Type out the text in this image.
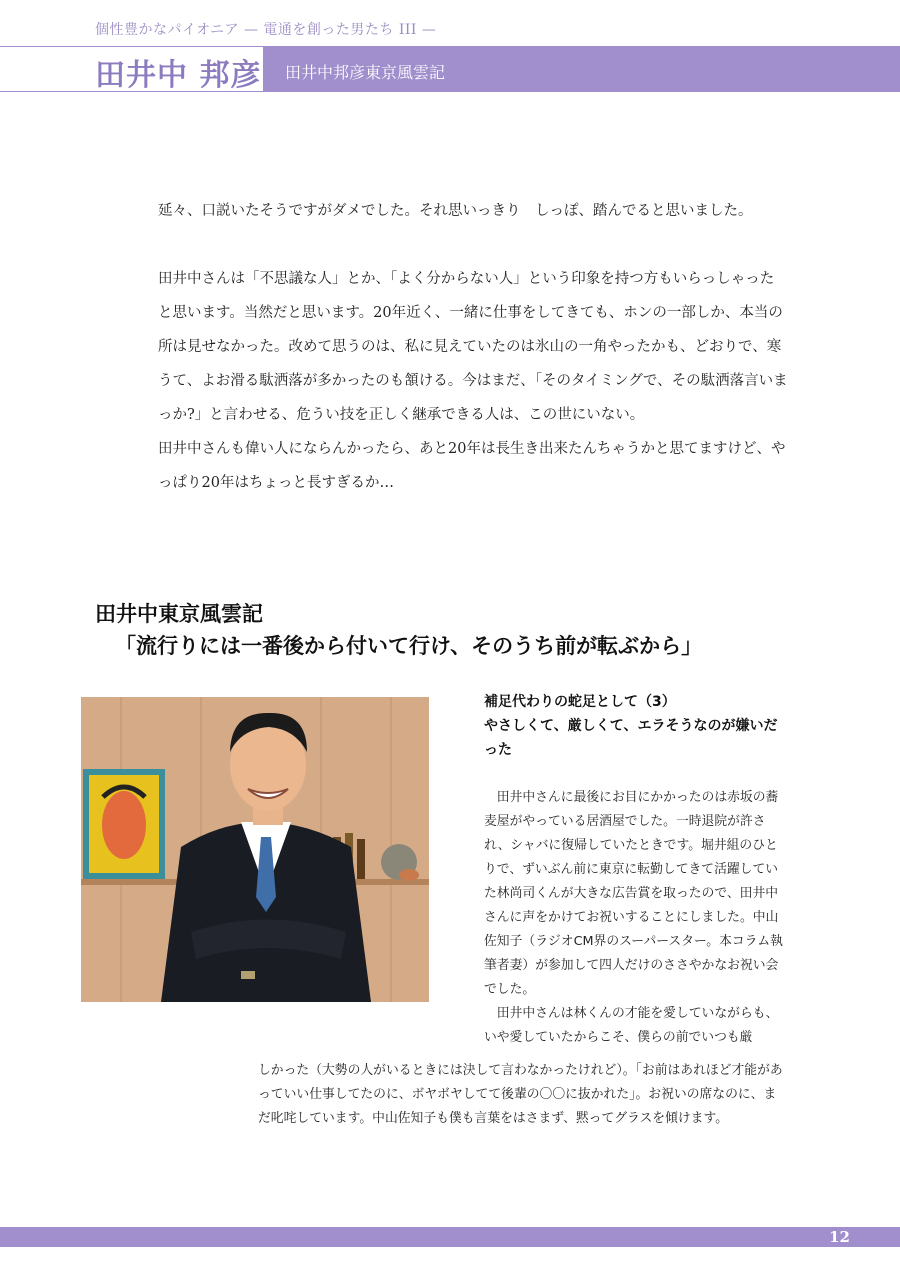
個性豊かなパイオニア — 電通を創った男たち III —
田井中 邦彦 田井中邦彦東京風雲記

延々、口説いたそうですがダメでした。それ思いっきり　しっぽ、踏んでると思いました。

田井中さんは「不思議な人」とか、「よく分からない人」という印象を持つ方もいらっしゃったと思います。当然だと思います。20年近く、一緒に仕事をしてきても、ホンの一部しか、本当の所は見せなかった。改めて思うのは、私に見えていたのは氷山の一角やったかも、どおりで、寒うて、よお滑る駄洒落が多かったのも頷ける。今はまだ、「そのタイミングで、その駄洒落言いまっか?」と言わせる、危うい技を正しく継承できる人は、この世にいない。

田井中さんも偉い人にならんかったら、あと20年は長生き出来たんちゃうかと思てますけど、やっぱり20年はちょっと長すぎるか…

田井中東京風雲記
「流行りには一番後から付いて行け、そのうち前が転ぶから」
補足代わりの蛇足として（3）
やさしくて、厳しくて、エラそうなのが嫌いだった

田井中さんに最後にお目にかかったのは赤坂の蕎麦屋がやっている居酒屋でした。一時退院が許され、シャバに復帰していたときです。堀井組のひとりで、ずいぶん前に東京に転勤してきて活躍していた林尚司くんが大きな広告賞を取ったので、田井中さんに声をかけてお祝いすることにしました。中山佐知子（ラジオCM界のスーパースター。本コラム執筆者妻）が参加して四人だけのささやかなお祝い会でした。

田井中さんは林くんの才能を愛していながらも、いや愛していたからこそ、僕らの前でいつも厳

しかった（大勢の人がいるときには決して言わなかったけれど）。「お前はあれほど才能があっていい仕事してたのに、ボヤボヤしてて後輩の〇〇に抜かれた」。お祝いの席なのに、まだ叱咤しています。中山佐知子も僕も言葉をはさまず、黙ってグラスを傾けます。

12
